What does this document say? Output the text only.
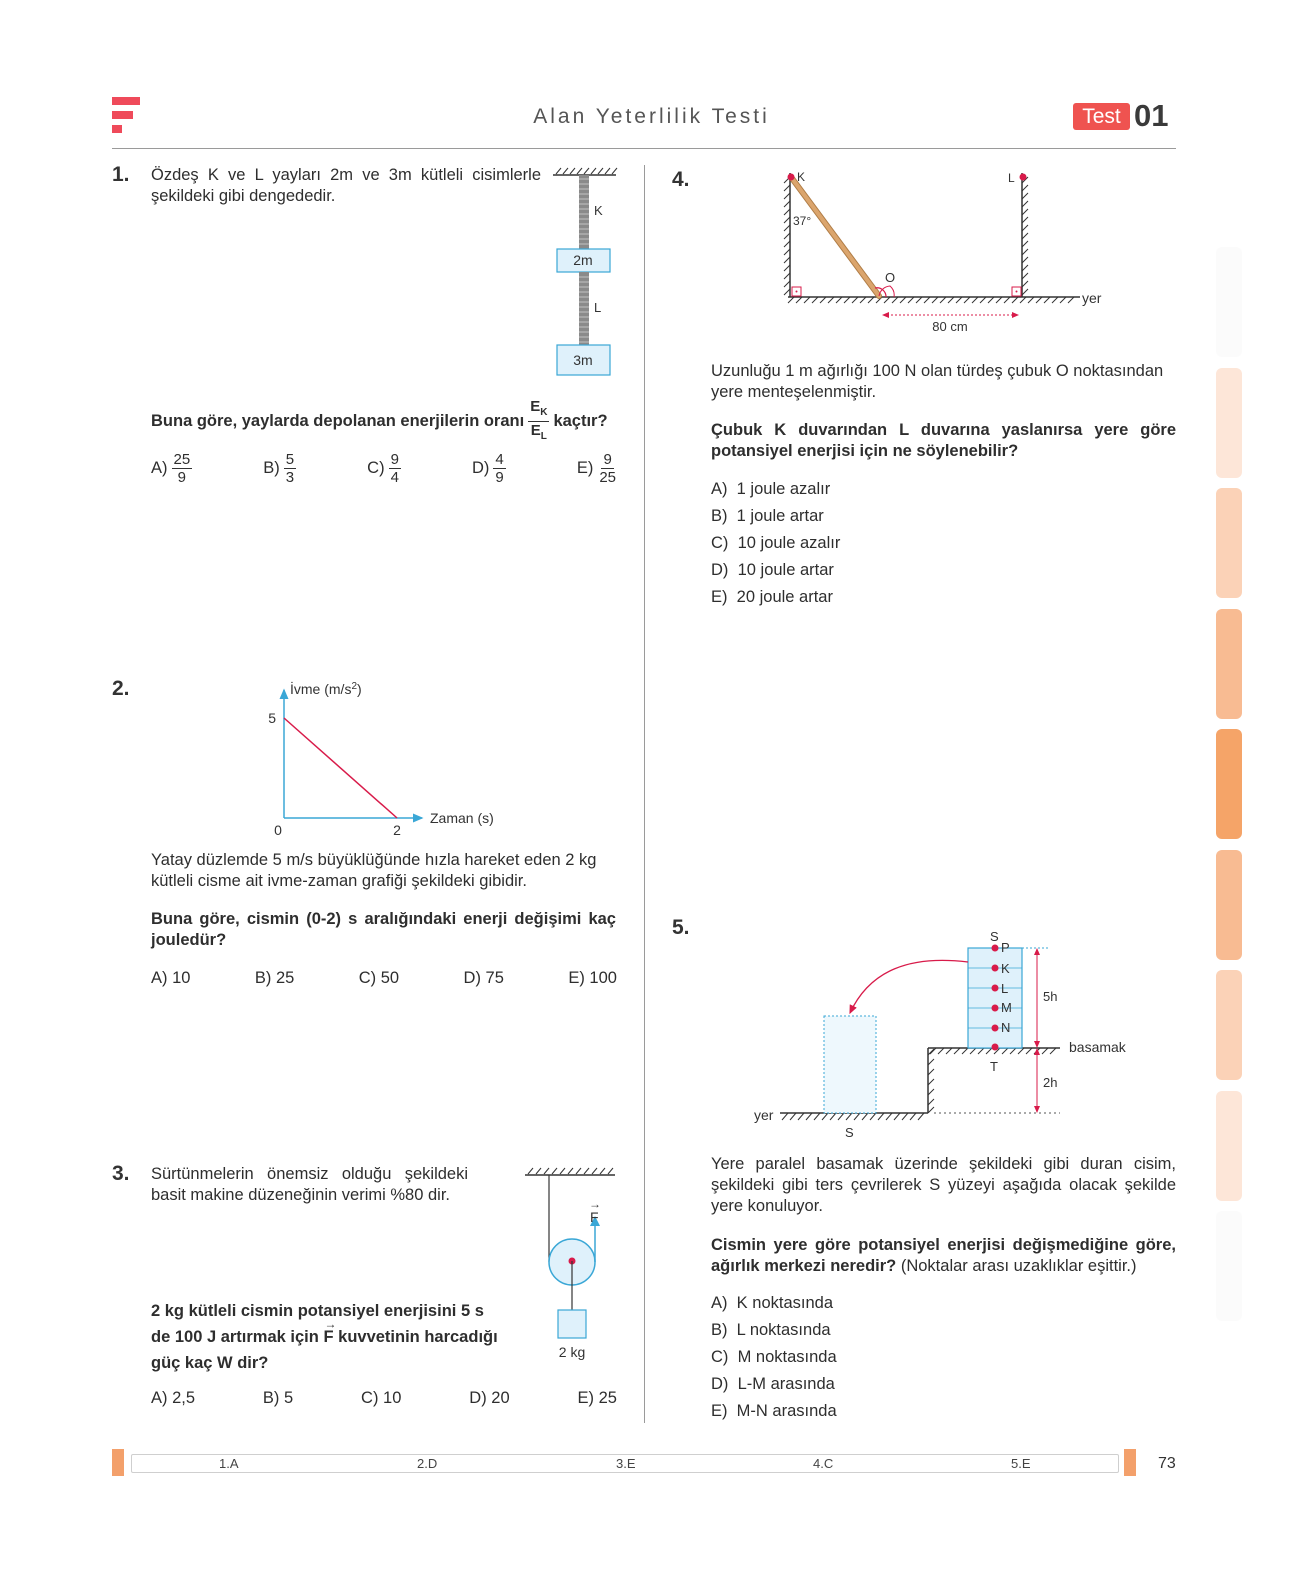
Alan Yeterlilik Testi	Test 01
1. Özdeş K ve L yayları 2m ve 3m kütleli cisimlerle şekildeki gibi dengededir.
K
2m
L
3m
Buna göre, yaylarda depolanan enerjilerin oranı $\frac{E_K}{E_L}$ kaçtır?
$A) \frac{25}{9}$	$B) \frac{5}{3}$	$C) \frac{9}{4}$	$D) \frac{4}{9}$	$E) \frac{9}{25}$
2.	İvme $(m/s^2)$
Zaman (s)
5
2
0
Yatay düzlemde 5 m/s büyüklüğünde hızla hareket eden 2 kg kütleli cisme ait ivme-zaman grafiği şekildeki gibidir.
Buna göre, cismin (0-2) s aralığındaki enerji değişimi kaç jouledür?
A) 10	B) 25	C) 50	D) 75	E) 100
3. Sürtünmelerin önemsiz olduğu şekildeki basit makine düzeneğinin verimi %80 dir.
F
→
2 kg
2 kg kütleli cismin potansiyel enerjisini 5 s
de 100 J artırmak için
→
F kuvvetinin harcadığı
güç kaç W dir?
A) 2,5	B) 5	C) 10	D) 20	E) 25
4.	K	L
37°
O
yer
80 cm
Uzunluğu 1 m ağırlığı 100 N olan türdeş çubuk O noktasından yere menteşelenmiştir.
Çubuk K duvarından L duvarına yaslanırsa yere göre potansiyel enerjisi için ne söylenebilir?
A) 1 joule azalır
B) 1 joule artar
C) 10 joule azalır
D) 10 joule artar
E) 20 joule artar
5.	S
P
K
L
M
N
T
5h
basamak
2h
yer
S
Yere paralel basamak üzerinde şekildeki gibi duran cisim, şekildeki gibi ters çevrilerek S yüzeyi aşağıda olacak şekilde yere konuluyor.
Cismin yere göre potansiyel enerjisi değişmediğine göre, ağırlık merkezi neredir? (Noktalar arası uzaklıklar eşittir.)
A) K noktasında
B) L noktasında
C) M noktasında
D) L-M arasında
E) M-N arasında
1.A	2.D	3.E	4.C	5.E	73
